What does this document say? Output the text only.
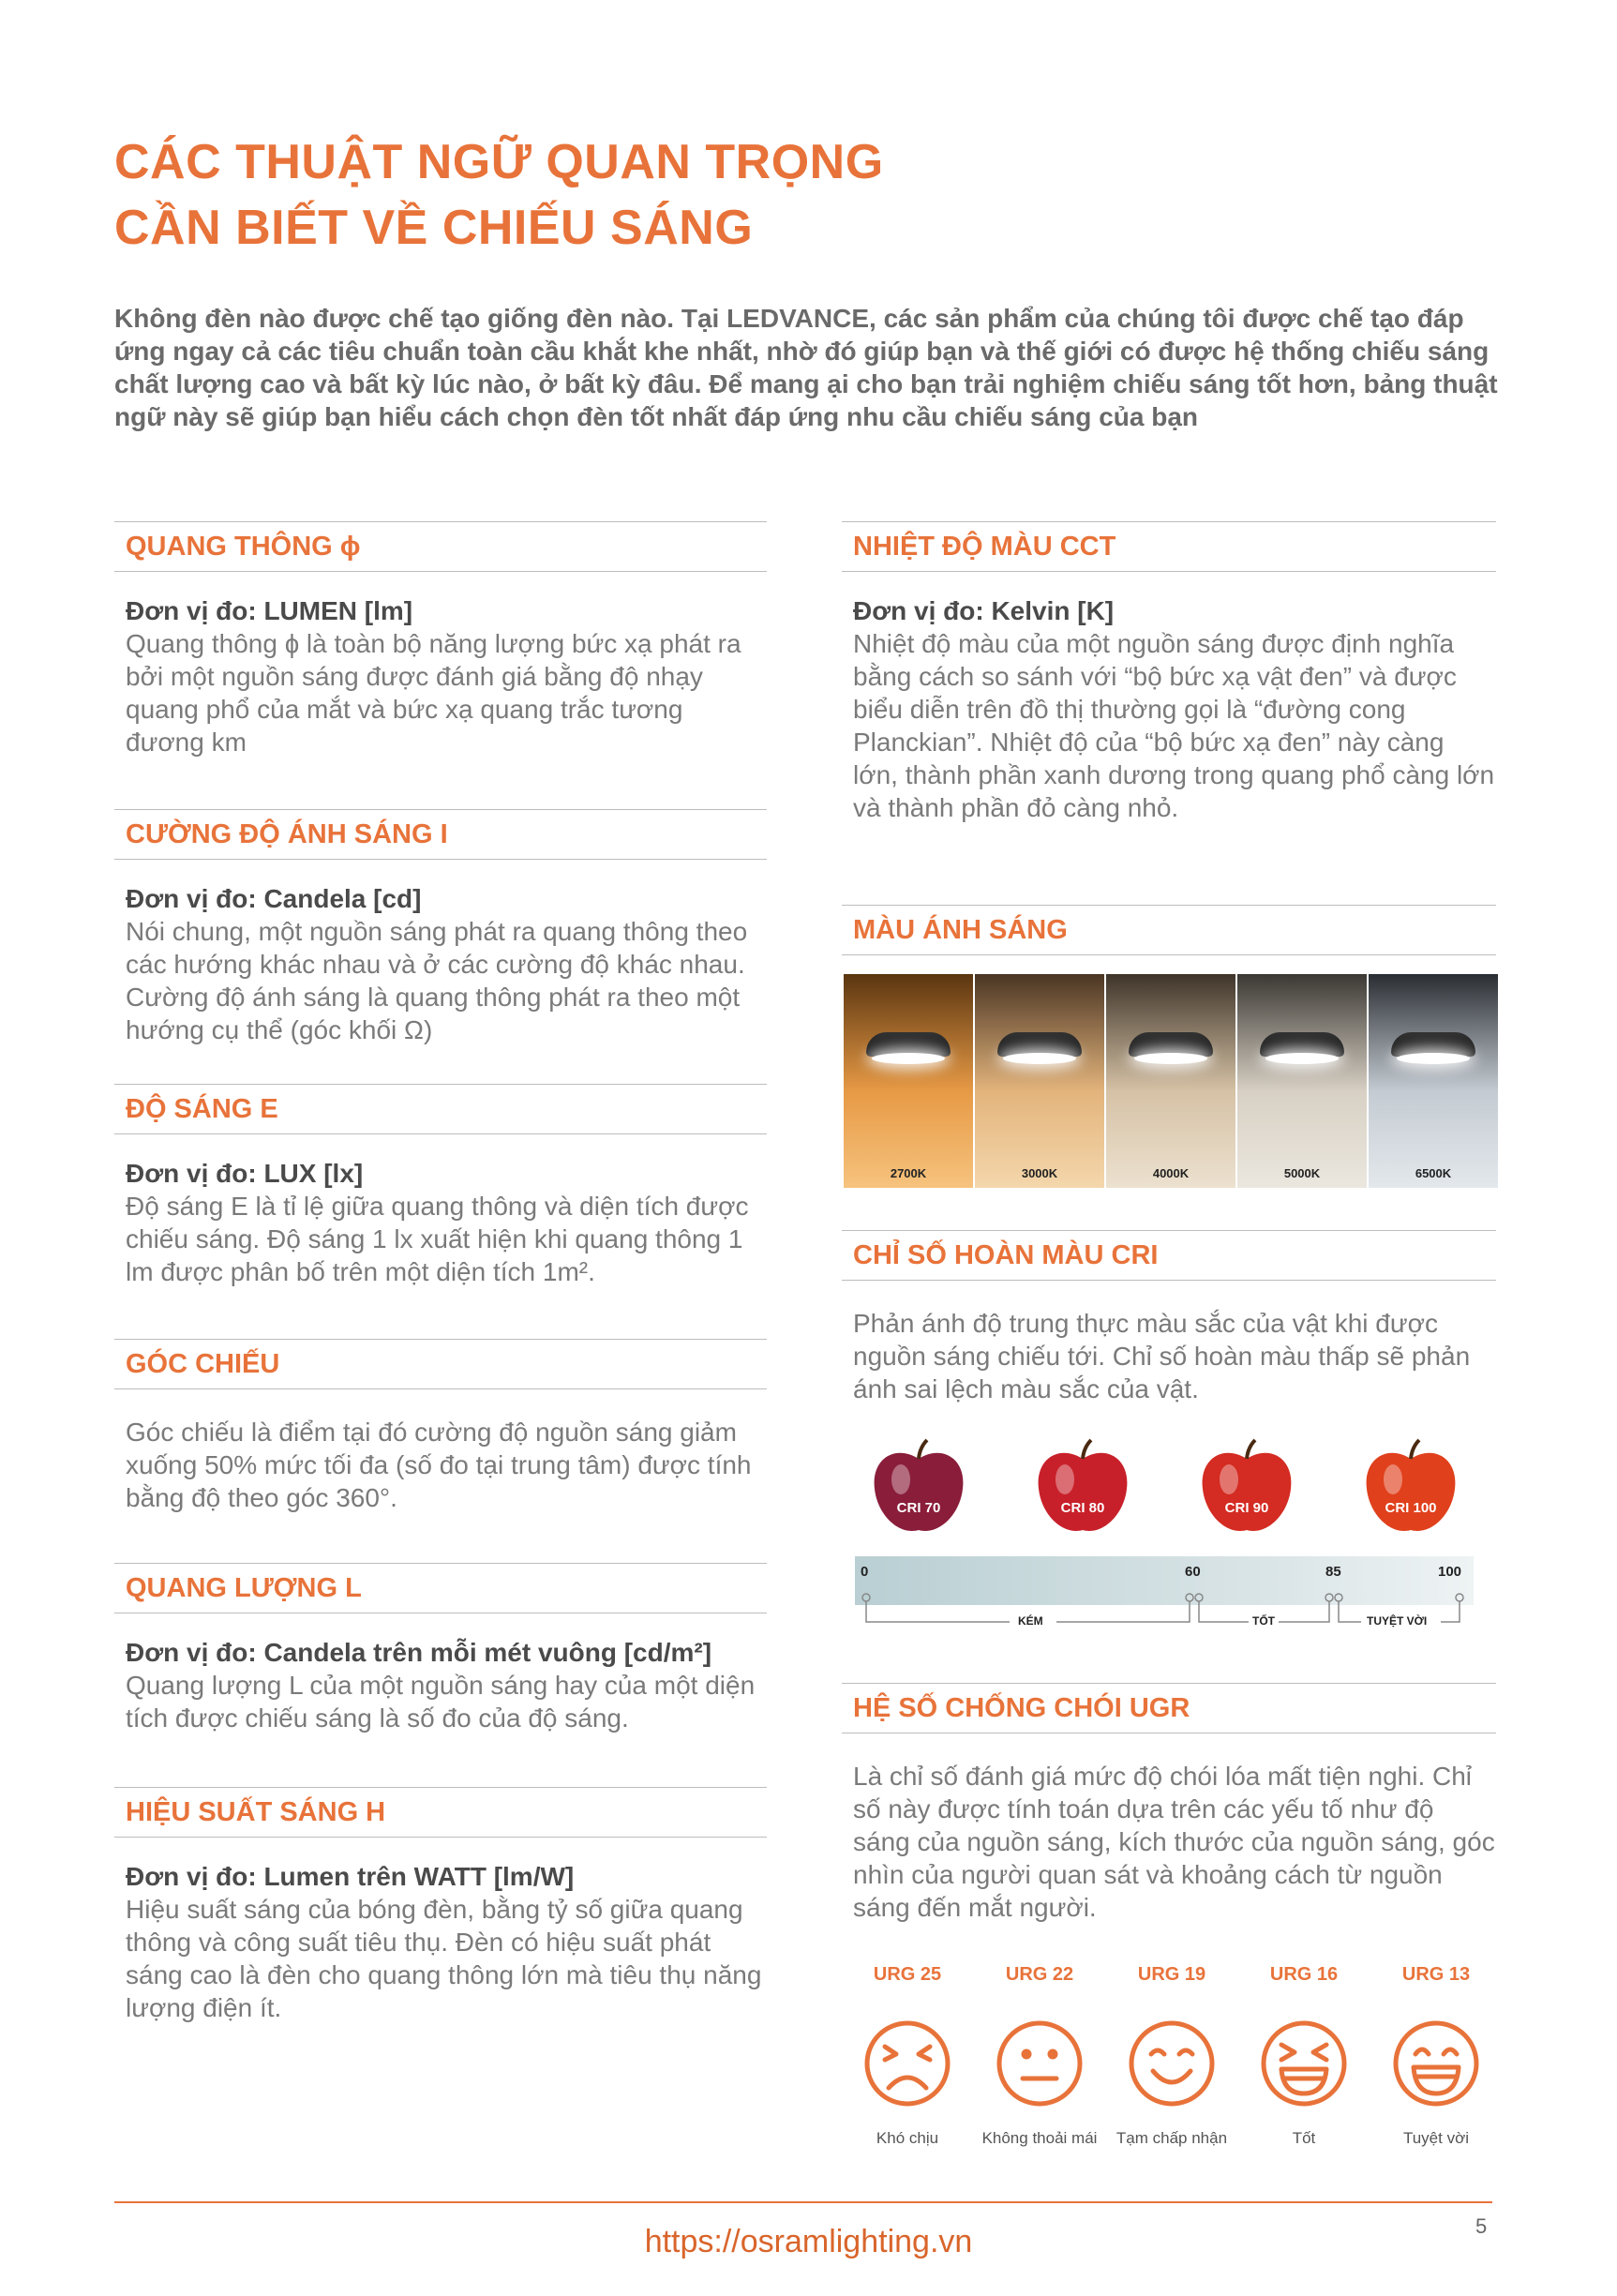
CÁC THUẬT NGỮ QUAN TRỌNG
CẦN BIẾT VỀ CHIẾU SÁNG

Không đèn nào được chế tạo giống đèn nào. Tại LEDVANCE, các sản phẩm của chúng tôi được chế tạo đáp ứng ngay cả các tiêu chuẩn toàn cầu khắt khe nhất, nhờ đó giúp bạn và thế giới có được hệ thống chiếu sáng chất lượng cao và bất kỳ lúc nào, ở bất kỳ đâu. Để mang ại cho bạn trải nghiệm chiếu sáng tốt hơn, bảng thuật ngữ này sẽ giúp bạn hiểu cách chọn đèn tốt nhất đáp ứng nhu cầu chiếu sáng của bạn

QUANG THÔNG ɸ
Đơn vị đo: LUMEN [lm]

Quang thông ɸ là toàn bộ năng lượng bức xạ phát ra bởi một nguồn sáng được đánh giá bằng độ nhạy quang phổ của mắt và bức xạ quang trắc tương đương km

CƯỜNG ĐỘ ÁNH SÁNG I
Đơn vị đo: Candela [cd]

Nói chung, một nguồn sáng phát ra quang thông theo các hướng khác nhau và ở các cường độ khác nhau. Cường độ ánh sáng là quang thông phát ra theo một hướng cụ thể (góc khối Ω)

ĐỘ SÁNG E
Đơn vị đo: LUX [lx]

Độ sáng E là tỉ lệ giữa quang thông và diện tích được chiếu sáng. Độ sáng 1 lx xuất hiện khi quang thông 1 lm được phân bố trên một diện tích 1m².

GÓC CHIẾU

Góc chiếu là điểm tại đó cường độ nguồn sáng giảm xuống 50% mức tối đa (số đo tại trung tâm) được tính bằng độ theo góc 360°.

QUANG LƯỢNG L
Đơn vị đo: Candela trên mỗi mét vuông [cd/m²]

Quang lượng L của một nguồn sáng hay của một diện tích được chiếu sáng là số đo của độ sáng.

HIỆU SUẤT SÁNG H
Đơn vị đo: Lumen trên WATT [lm/W]

Hiệu suất sáng của bóng đèn, bằng tỷ số giữa quang thông và công suất tiêu thụ. Đèn có hiệu suất phát sáng cao là đèn cho quang thông lớn mà tiêu thụ năng lượng điện ít.

NHIỆT ĐỘ MÀU CCT
Đơn vị đo: Kelvin [K]

Nhiệt độ màu của một nguồn sáng được định nghĩa bằng cách so sánh với “bộ bức xạ vật đen” và được biểu diễn trên đồ thị thường gọi là “đường cong Planckian”. Nhiệt độ của “bộ bức xạ đen” này càng lớn, thành phần xanh dương trong quang phổ càng lớn và thành phần đỏ càng nhỏ.

MÀU ÁNH SÁNG
2700K	3000K	4000K	5000K	6500K
CHỈ SỐ HOÀN MÀU CRI

Phản ánh độ trung thực màu sắc của vật khi được nguồn sáng chiếu tới. Chỉ số hoàn màu thấp sẽ phản ánh sai lệch màu sắc của vật.

CRI 70	CRI 80	CRI 90	CRI 100
0	60	85	100
KÉM	TỐT	TUYỆT VỜI
HỆ SỐ CHỐNG CHÓI UGR

Là chỉ số đánh giá mức độ chói lóa mất tiện nghi. Chỉ số này được tính toán dựa trên các yếu tố như độ sáng của nguồn sáng, kích thước của nguồn sáng, góc nhìn của người quan sát và khoảng cách từ nguồn sáng đến mắt người.

URG 25	URG 22	URG 19	URG 16	URG 13
Khó chịu	Không thoải mái	Tạm chấp nhận	Tốt	Tuyệt vời
https://osramlighting.vn	5
